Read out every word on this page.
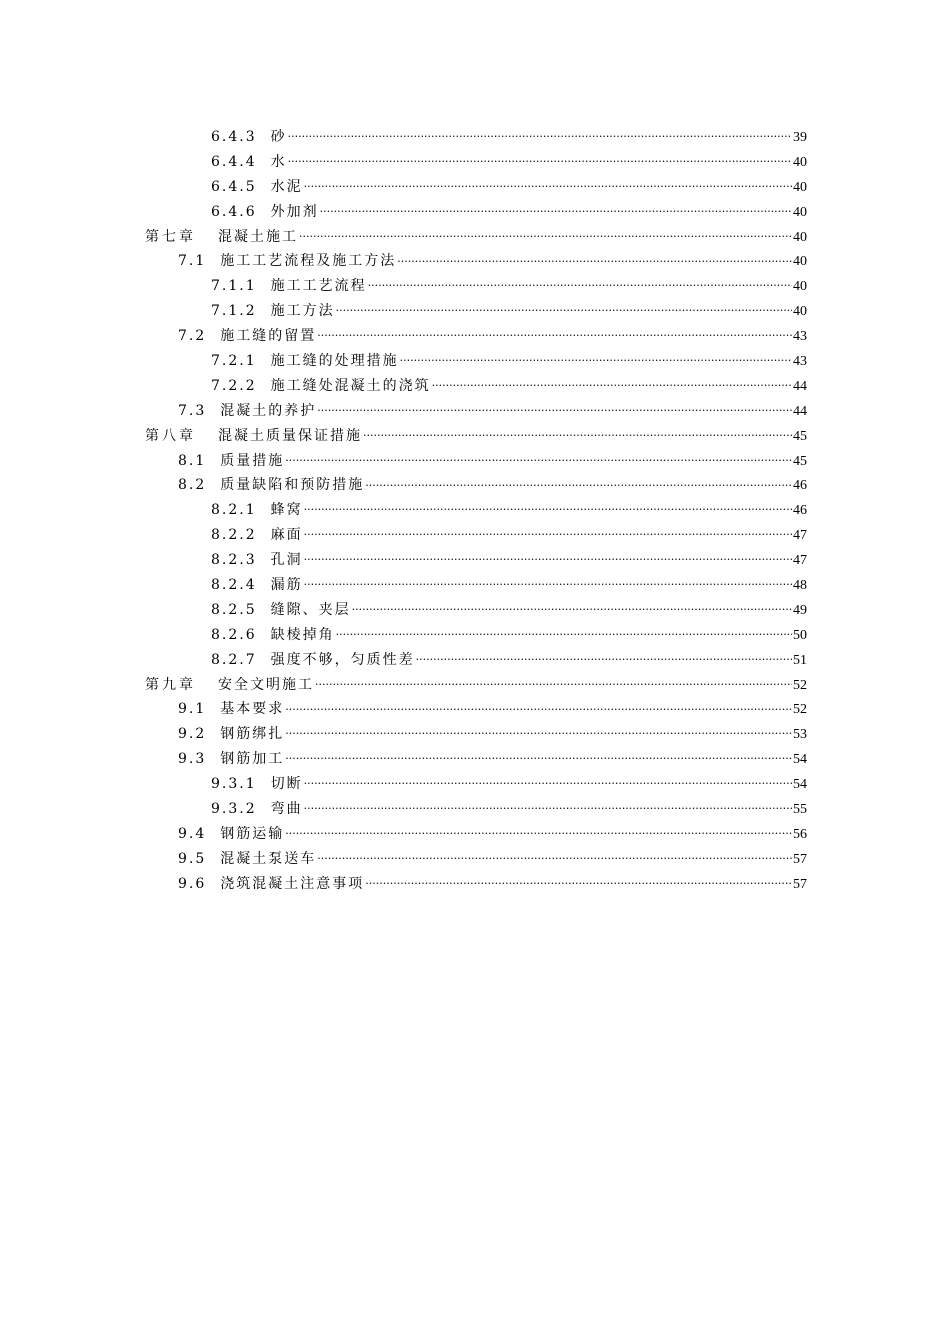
6.4.3 砂 .....	39
6.4.4 水 .....	40
6.4.5 水泥 .....	40
6.4.6 外加剂 .....	40
第七章 混凝土施工 .....	40
7.1 施工工艺流程及施工方法 .....	40
7.1.1 施工工艺流程 .....	40
7.1.2 施工方法 .....	40
7.2 施工缝的留置 .....	43
7.2.1 施工缝的处理措施 .....	43
7.2.2 施工缝处混凝土的浇筑 .....	44
7.3 混凝土的养护 .....	44
第八章 混凝土质量保证措施 .....	45
8.1 质量措施 .....	45
8.2 质量缺陷和预防措施 .....	46
8.2.1 蜂窝 .....	46
8.2.2 麻面 .....	47
8.2.3 孔洞 .....	47
8.2.4 漏筋 .....	48
8.2.5 缝隙、夹层 .....	49
8.2.6 缺棱掉角 .....	50
8.2.7 强度不够，匀质性差 .....	51
第九章 安全文明施工 .....	52
9.1 基本要求 .....	52
9.2 钢筋绑扎 .....	53
9.3 钢筋加工 .....	54
9.3.1 切断 .....	54
9.3.2 弯曲 .....	55
9.4 钢筋运输 .....	56
9.5 混凝土泵送车 .....	57
9.6 浇筑混凝土注意事项 .....	57
